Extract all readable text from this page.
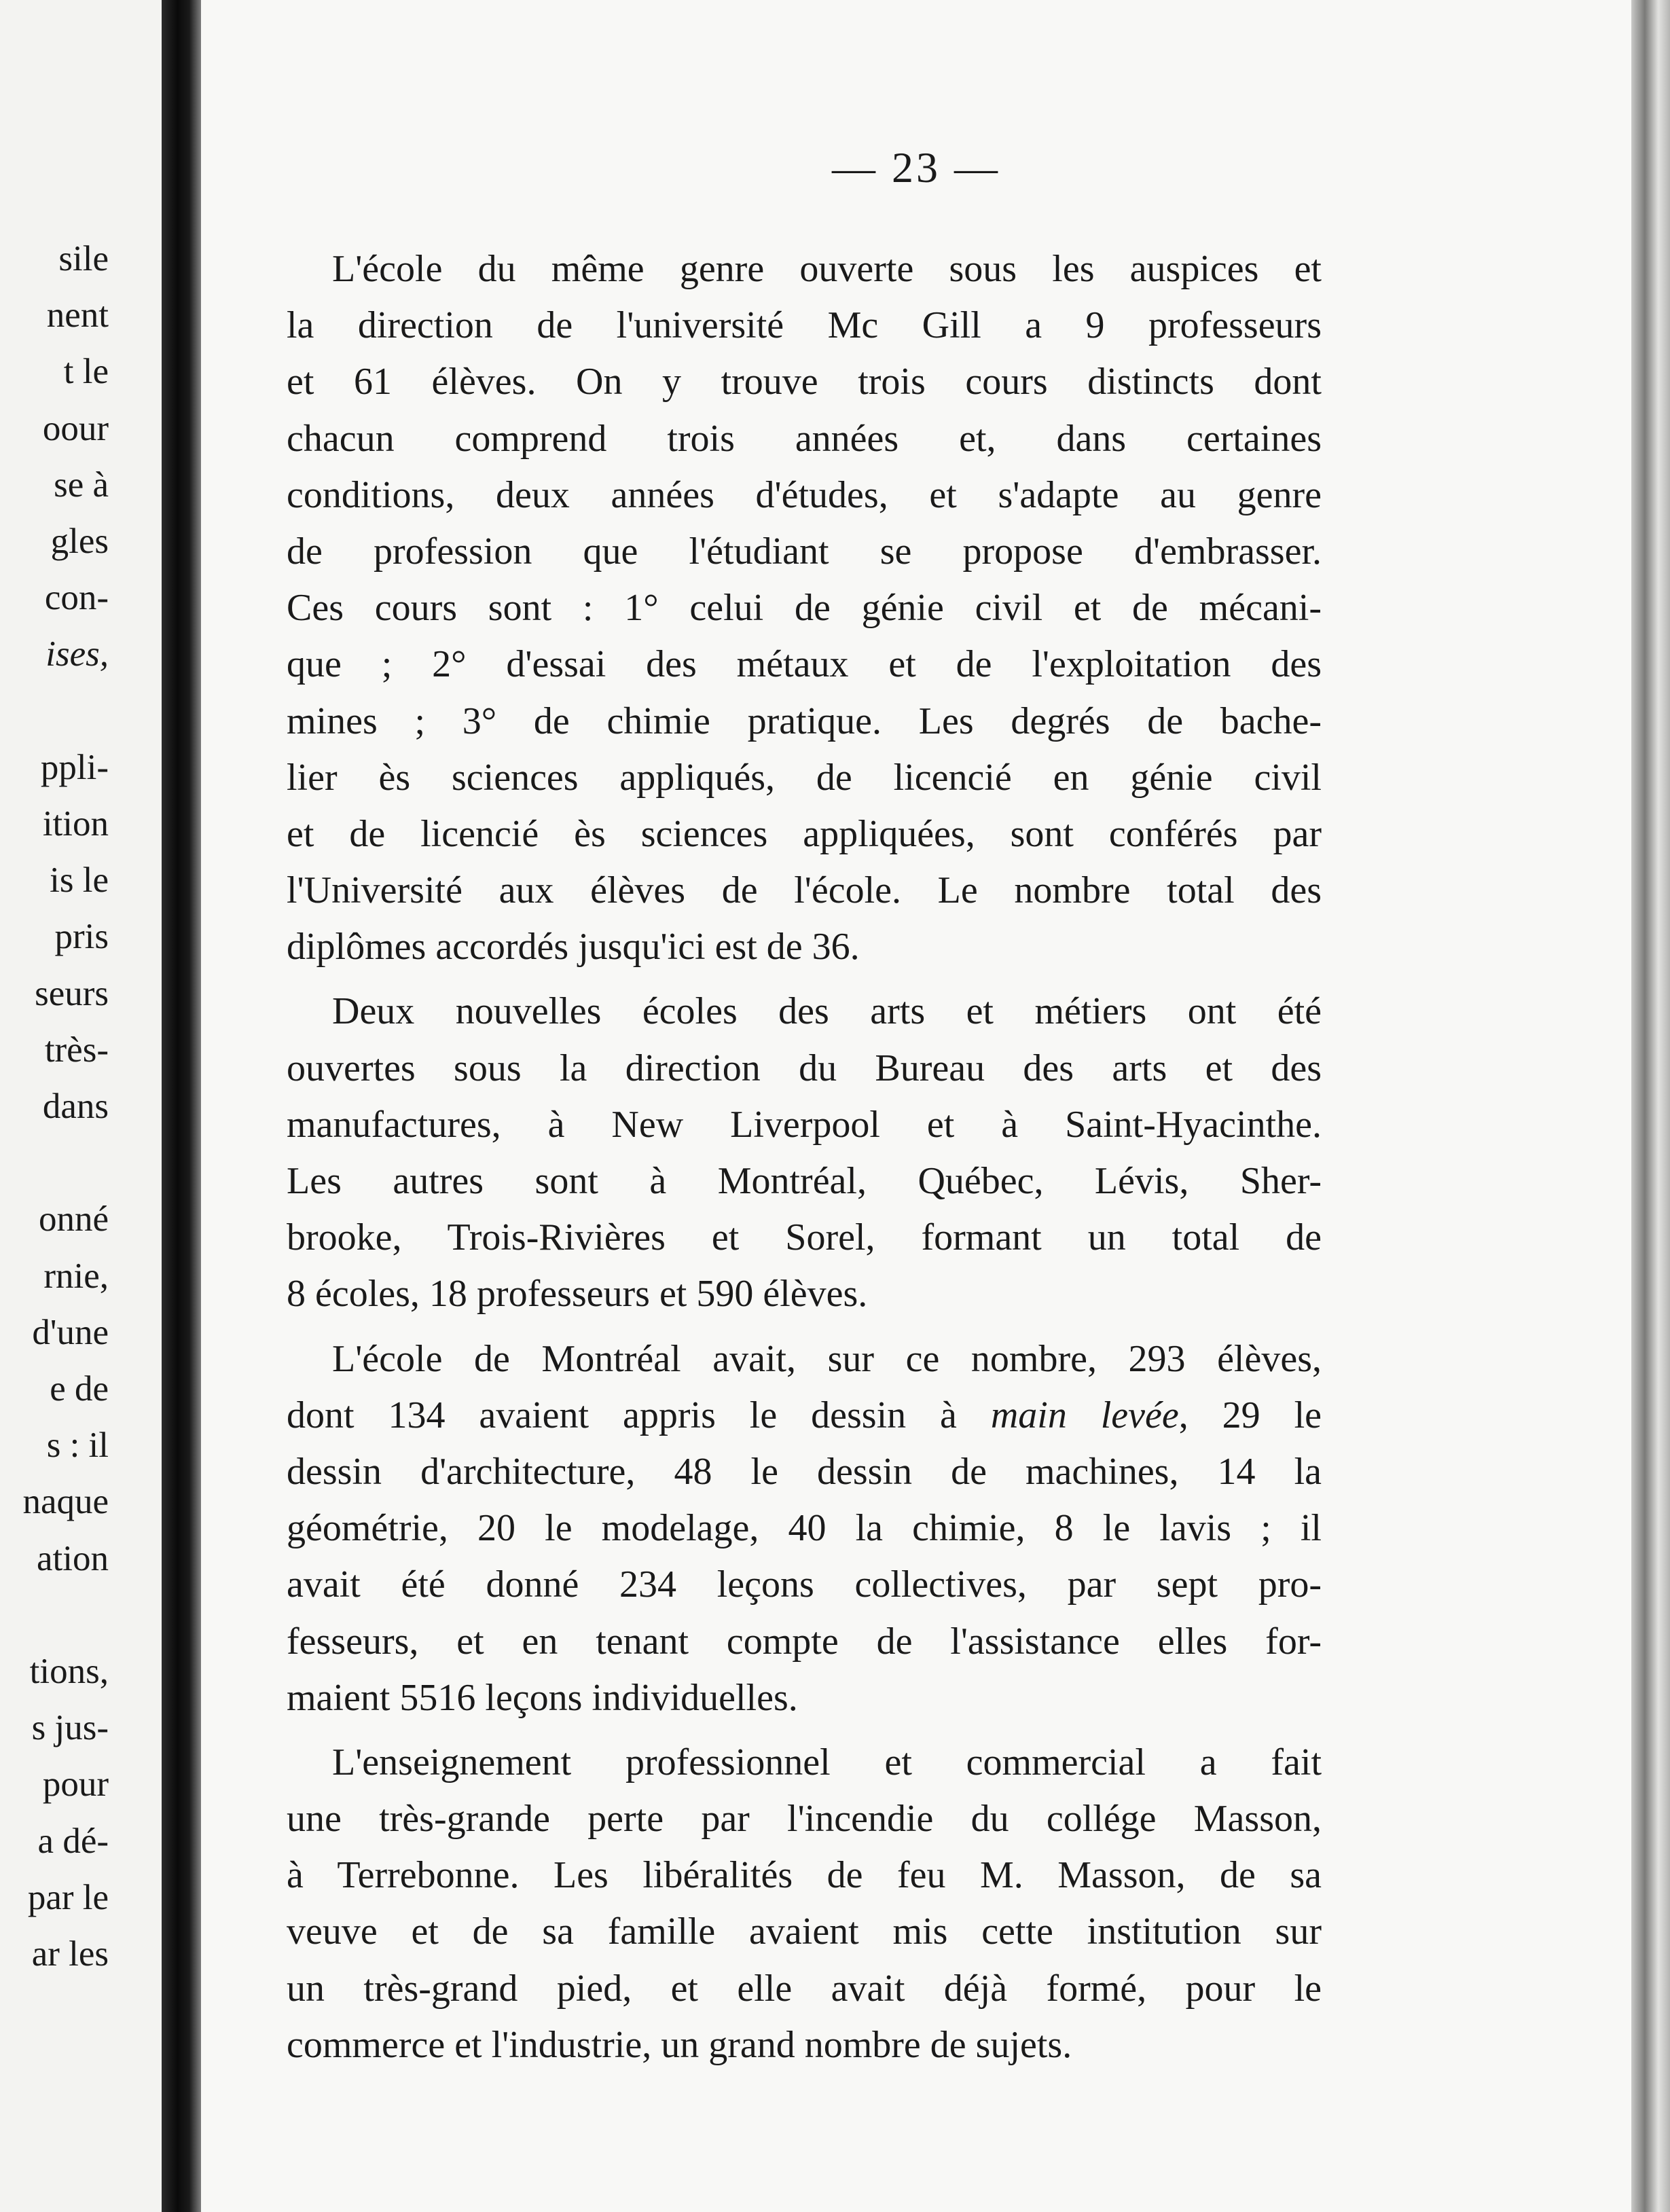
sile
nent
t le
oour
se à
gles
con-
ises,
ppli-
ition
is le
pris
seurs
très-
dans
onné
rnie,
d'une
e de
s : il
naque
ation
tions,
s jus-
pour
a dé-
par le
ar les
— 23 —
L'école du même genre ouverte sous les auspices et
la direction de l'université Mc Gill a 9 professeurs
et 61 élèves. On y trouve trois cours distincts dont
chacun comprend trois années et, dans certaines
conditions, deux années d'études, et s'adapte au genre
de profession que l'étudiant se propose d'embrasser.
Ces cours sont : 1° celui de génie civil et de mécani-
que ; 2° d'essai des métaux et de l'exploitation des
mines ; 3° de chimie pratique. Les degrés de bache-
lier ès sciences appliqués, de licencié en génie civil
et de licencié ès sciences appliquées, sont conférés par
l'Université aux élèves de l'école. Le nombre total des
diplômes accordés jusqu'ici est de 36.
Deux nouvelles écoles des arts et métiers ont été
ouvertes sous la direction du Bureau des arts et des
manufactures, à New Liverpool et à Saint-Hyacinthe.
Les autres sont à Montréal, Québec, Lévis, Sher-
brooke, Trois-Rivières et Sorel, formant un total de
8 écoles, 18 professeurs et 590 élèves.
L'école de Montréal avait, sur ce nombre, 293 élèves,
dont 134 avaient appris le dessin à main levée, 29 le
dessin d'architecture, 48 le dessin de machines, 14 la
géométrie, 20 le modelage, 40 la chimie, 8 le lavis ; il
avait été donné 234 leçons collectives, par sept pro-
fesseurs, et en tenant compte de l'assistance elles for-
maient 5516 leçons individuelles.
L'enseignement professionnel et commercial a fait
une très-grande perte par l'incendie du collége Masson,
à Terrebonne. Les libéralités de feu M. Masson, de sa
veuve et de sa famille avaient mis cette institution sur
un très-grand pied, et elle avait déjà formé, pour le
commerce et l'industrie, un grand nombre de sujets.
